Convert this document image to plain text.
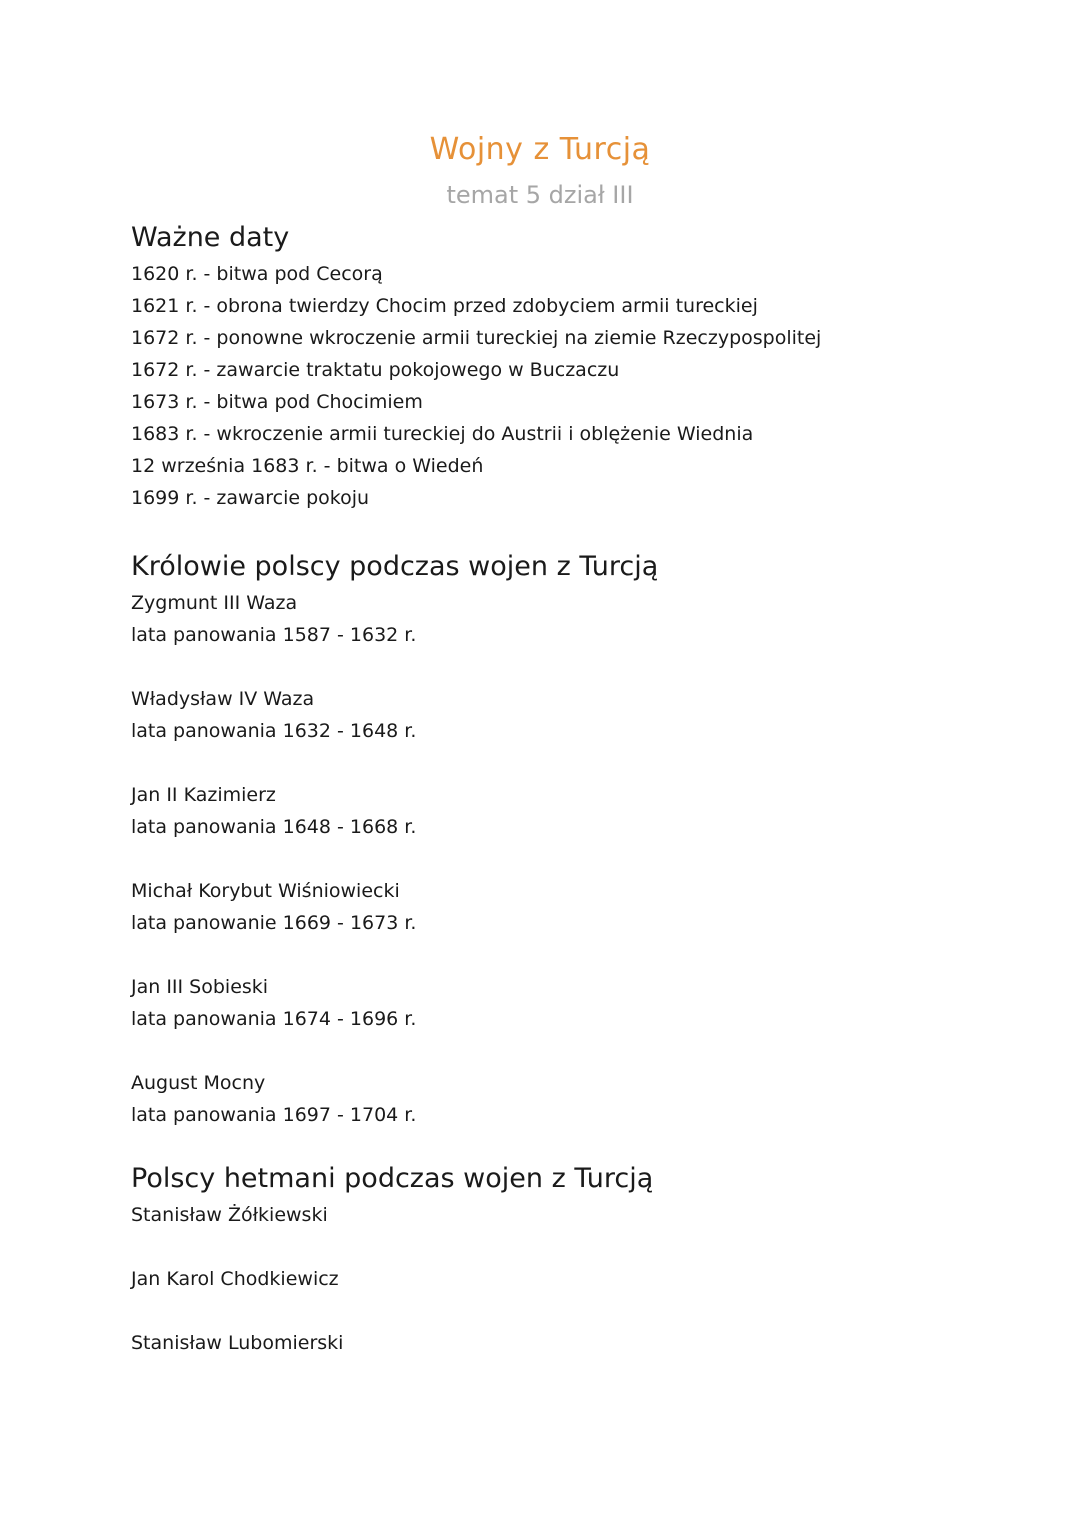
Wojny z Turcją
temat 5 dział III
Ważne daty
1620 r. - bitwa pod Cecorą
1621 r. - obrona twierdzy Chocim przed zdobyciem armii tureckiej
1672 r. - ponowne wkroczenie armii tureckiej na ziemie Rzeczypospolitej
1672 r. - zawarcie traktatu pokojowego w Buczaczu
1673 r. - bitwa pod Chocimiem
1683 r. - wkroczenie armii tureckiej do Austrii i oblężenie Wiednia
12 września 1683 r. - bitwa o Wiedeń
1699 r. - zawarcie pokoju
Królowie polscy podczas wojen z Turcją
Zygmunt III Waza
lata panowania 1587 - 1632 r.
Władysław IV Waza
lata panowania 1632 - 1648 r.
Jan II Kazimierz
lata panowania 1648 - 1668 r.
Michał Korybut Wiśniowiecki
lata panowanie 1669 - 1673 r.
Jan III Sobieski
lata panowania 1674 - 1696 r.
August Mocny
lata panowania 1697 - 1704 r.
Polscy hetmani podczas wojen z Turcją
Stanisław Żółkiewski
Jan Karol Chodkiewicz
Stanisław Lubomierski
